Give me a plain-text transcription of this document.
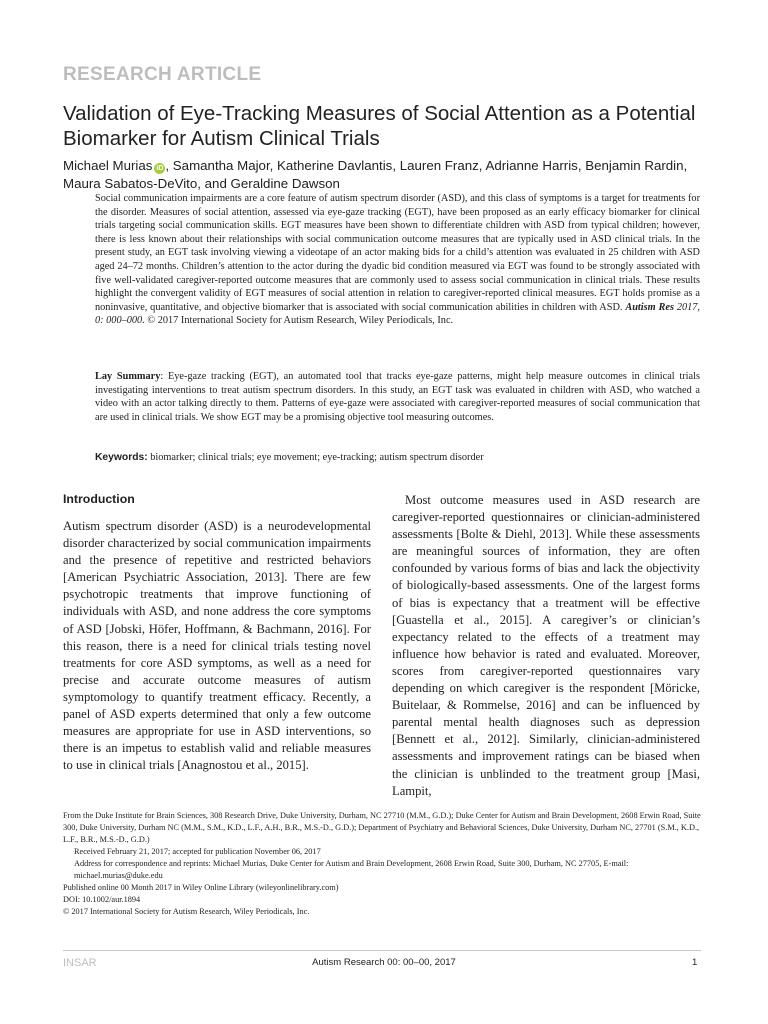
RESEARCH ARTICLE
Validation of Eye-Tracking Measures of Social Attention as a Potential Biomarker for Autism Clinical Trials
Michael Murias iD , Samantha Major, Katherine Davlantis, Lauren Franz, Adrianne Harris, Benjamin Rardin, Maura Sabatos-DeVito, and Geraldine Dawson

Social communication impairments are a core feature of autism spectrum disorder (ASD), and this class of symptoms is a target for treatments for the disorder. Measures of social attention, assessed via eye-gaze tracking (EGT), have been proposed as an early efficacy biomarker for clinical trials targeting social communication skills. EGT measures have been shown to differentiate children with ASD from typical children; however, there is less known about their relationships with social communication outcome measures that are typically used in ASD clinical trials. In the present study, an EGT task involving viewing a videotape of an actor making bids for a child’s attention was evaluated in 25 children with ASD aged 24–72 months. Children’s attention to the actor during the dyadic bid condition measured via EGT was found to be strongly associated with five well-validated caregiver-reported outcome measures that are commonly used to assess social communication in clinical trials. These results highlight the convergent validity of EGT measures of social attention in relation to caregiver-reported clinical measures. EGT holds promise as a noninvasive, quantitative, and objective biomarker that is associated with social communication abilities in children with ASD. Autism Res 2017, 0: 000–000. © 2017 International Society for Autism Research, Wiley Periodicals, Inc.

Lay Summary: Eye-gaze tracking (EGT), an automated tool that tracks eye-gaze patterns, might help measure outcomes in clinical trials investigating interventions to treat autism spectrum disorders. In this study, an EGT task was evaluated in children with ASD, who watched a video with an actor talking directly to them. Patterns of eye-gaze were associated with caregiver-reported measures of social communication that are used in clinical trials. We show EGT may be a promising objective tool measuring outcomes.

Keywords: biomarker; clinical trials; eye movement; eye-tracking; autism spectrum disorder

Introduction

Autism spectrum disorder (ASD) is a neurodevelopmental disorder characterized by social communication impairments and the presence of repetitive and restricted behaviors [American Psychiatric Association, 2013]. There are few psychotropic treatments that improve functioning of individuals with ASD, and none address the core symptoms of ASD [Jobski, Höfer, Hoffmann, & Bachmann, 2016]. For this reason, there is a need for clinical trials testing novel treatments for core ASD symptoms, as well as a need for precise and accurate outcome measures of autism symptomology to quantify treatment efficacy. Recently, a panel of ASD experts determined that only a few outcome measures are appropriate for use in ASD interventions, so there is an impetus to establish valid and reliable measures to use in clinical trials [Anagnostou et al., 2015].

Most outcome measures used in ASD research are caregiver-reported questionnaires or clinician-administered assessments [Bolte & Diehl, 2013]. While these assessments are meaningful sources of information, they are often confounded by various forms of bias and lack the objectivity of biologically-based assessments. One of the largest forms of bias is expectancy that a treatment will be effective [Guastella et al., 2015]. A caregiver’s or clinician’s expectancy related to the effects of a treatment may influence how behavior is rated and evaluated. Moreover, scores from caregiver-reported questionnaires vary depending on which caregiver is the respondent [Möricke, Buitelaar, & Rommelse, 2016] and can be influenced by parental mental health diagnoses such as depression [Bennett et al., 2012]. Similarly, clinician-administered assessments and improvement ratings can be biased when the clinician is unblinded to the treatment group [Masi, Lampit,

From the Duke Institute for Brain Sciences, 308 Research Drive, Duke University, Durham, NC 27710 (M.M., G.D.); Duke Center for Autism and Brain Development, 2608 Erwin Road, Suite 300, Duke University, Durham NC (M.M., S.M., K.D., L.F., A.H., B.R., M.S.-D., G.D.); Department of Psychiatry and Behavioral Sciences, Duke University, Durham NC, 27701 (S.M., K.D., L.F., B.R., M.S.-D., G.D.)
Received February 21, 2017; accepted for publication November 06, 2017
Address for correspondence and reprints: Michael Murias, Duke Center for Autism and Brain Development, 2608 Erwin Road, Suite 300, Durham, NC 27705, E-mail: michael.murias@duke.edu
Published online 00 Month 2017 in Wiley Online Library (wileyonlinelibrary.com)
DOI: 10.1002/aur.1894
© 2017 International Society for Autism Research, Wiley Periodicals, Inc.
INSAR	Autism Research 00: 00–00, 2017	1
